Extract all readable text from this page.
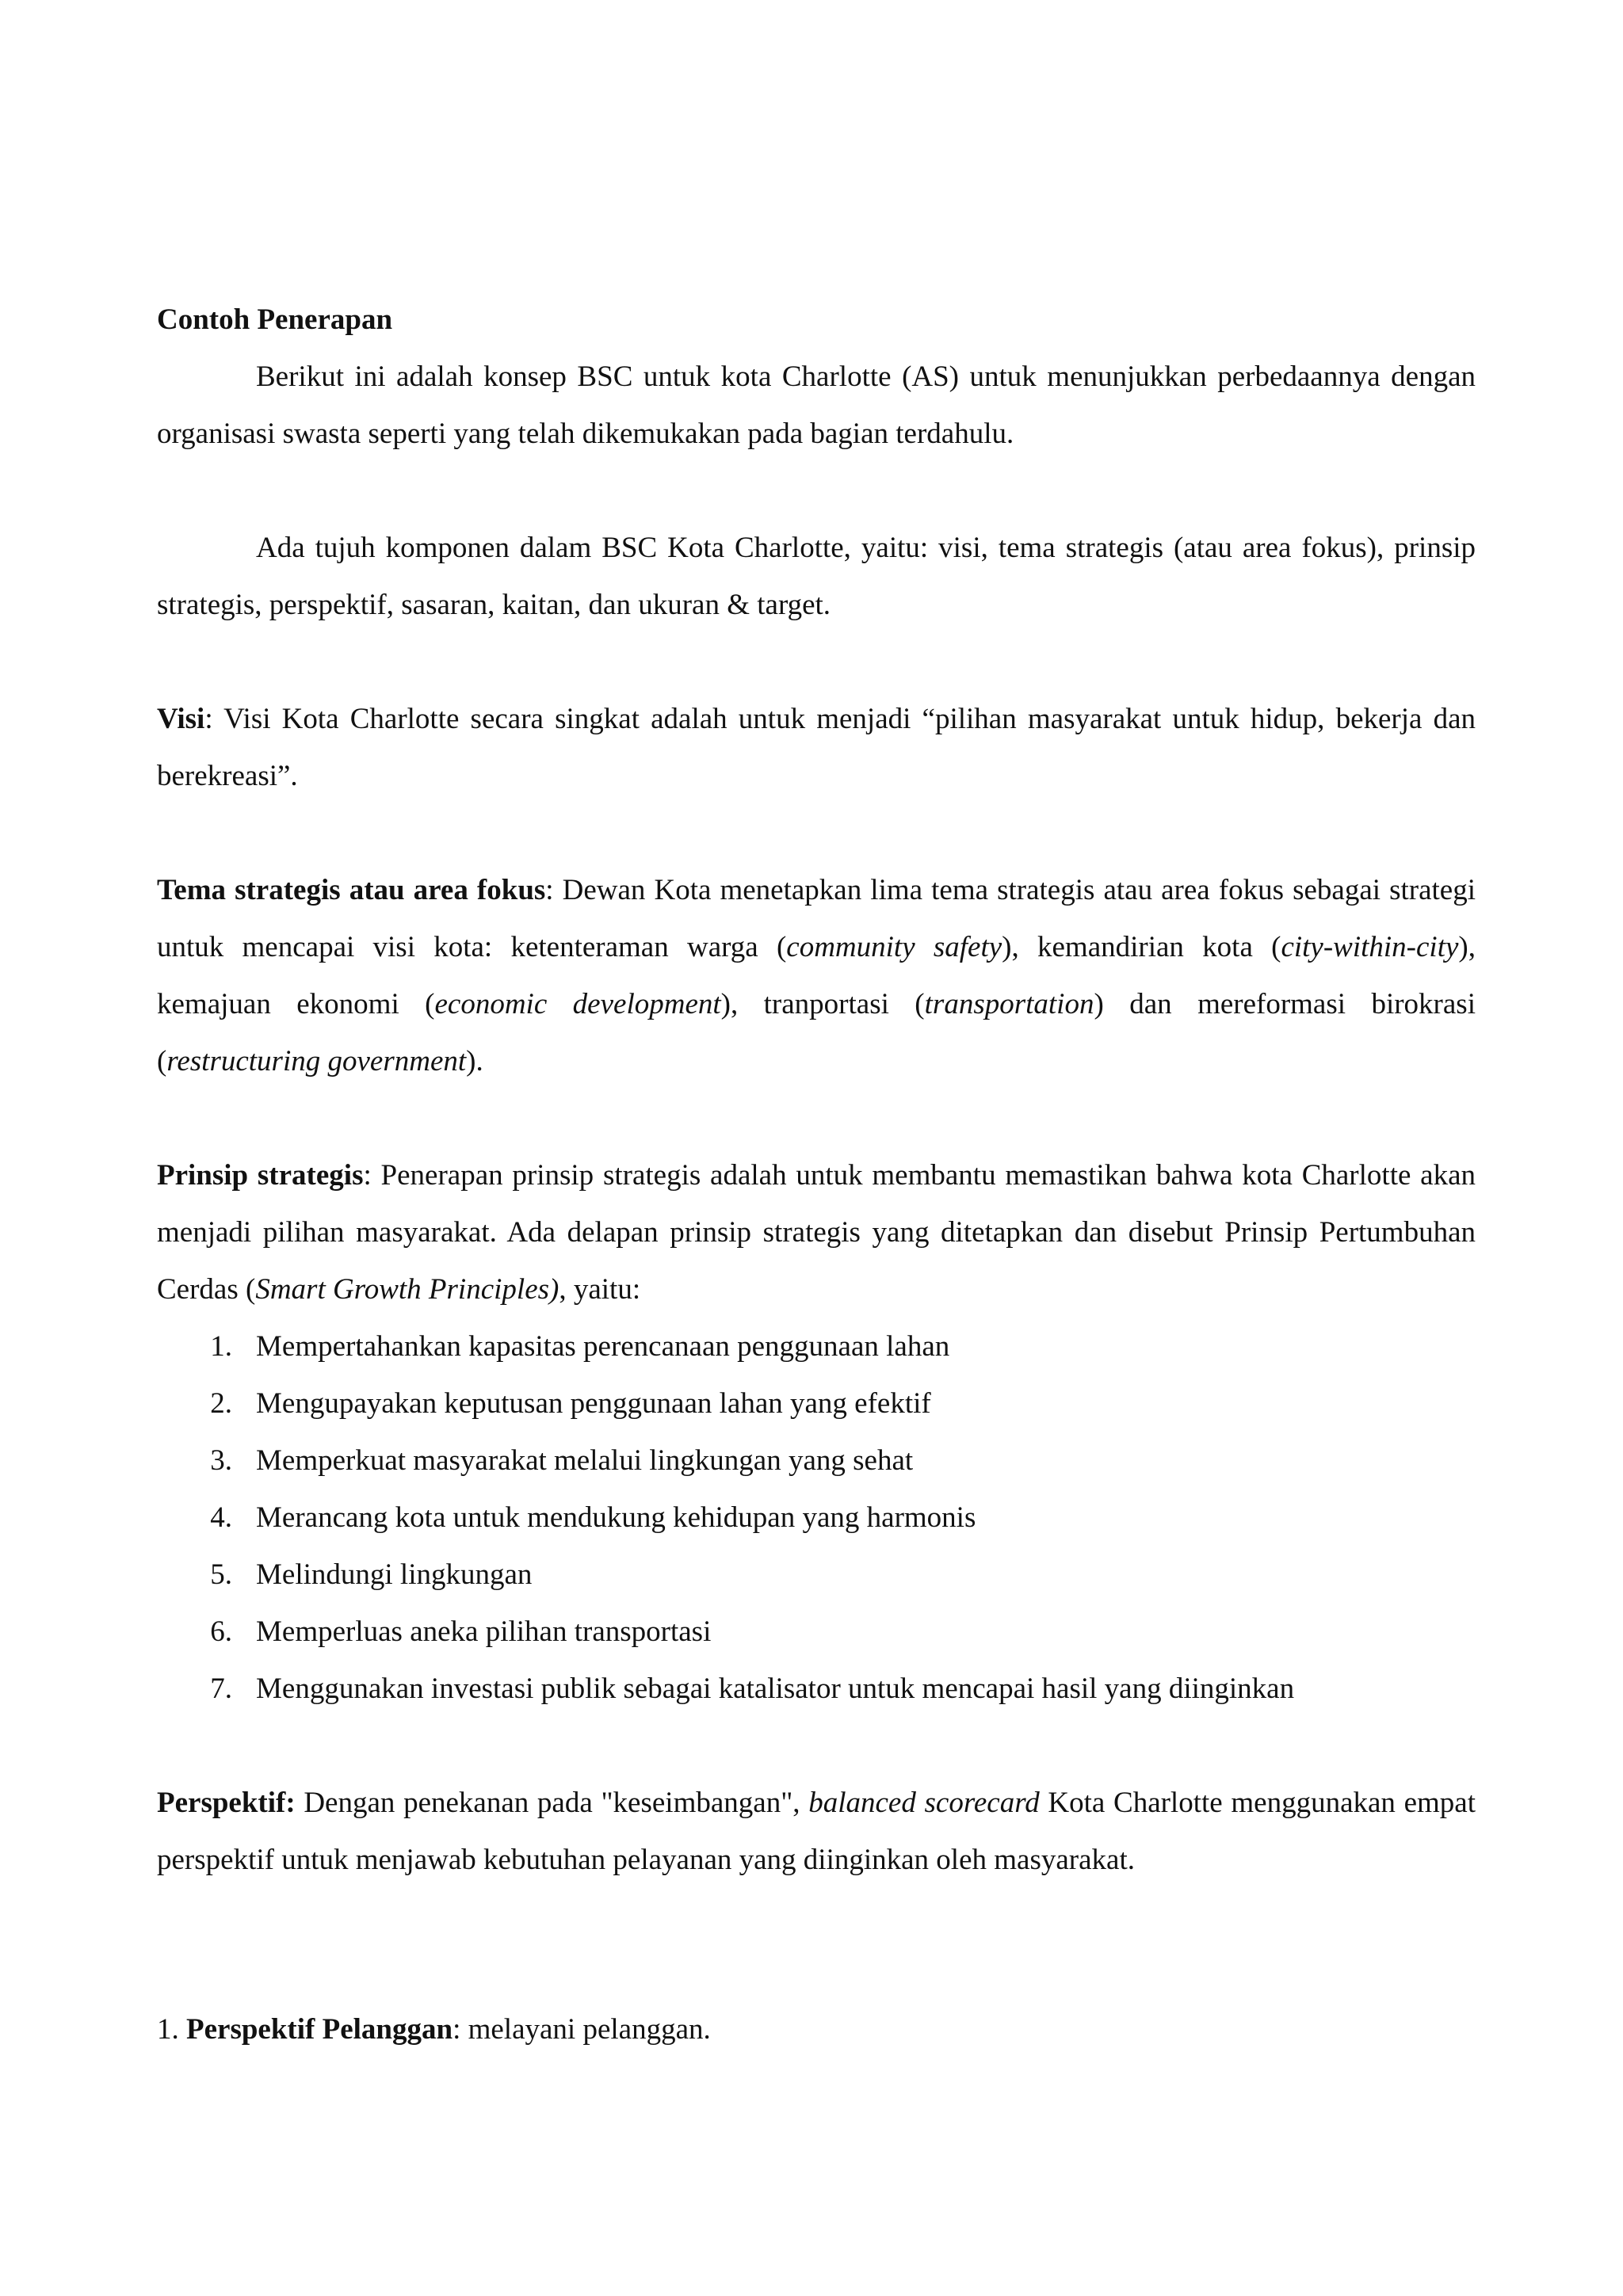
Contoh Penerapan

Berikut ini adalah konsep BSC untuk kota Charlotte (AS) untuk menunjukkan perbedaannya dengan organisasi swasta seperti yang telah dikemukakan pada bagian terdahulu.

Ada tujuh komponen dalam BSC Kota Charlotte, yaitu: visi, tema strategis (atau area fokus), prinsip strategis, perspektif, sasaran, kaitan, dan ukuran & target.

Visi: Visi Kota Charlotte secara singkat adalah untuk menjadi “pilihan masyarakat untuk hidup, bekerja dan berekreasi”.

Tema strategis atau area fokus: Dewan Kota menetapkan lima tema strategis atau area fokus sebagai strategi untuk mencapai visi kota: ketenteraman warga (community safety), kemandirian kota (city-within-city), kemajuan ekonomi (economic development), tranportasi (transportation) dan mereformasi birokrasi (restructuring government).

Prinsip strategis: Penerapan prinsip strategis adalah untuk membantu memastikan bahwa kota Charlotte akan menjadi pilihan masyarakat. Ada delapan prinsip strategis yang ditetapkan dan disebut Prinsip Pertumbuhan Cerdas (Smart Growth Principles), yaitu:

1. Mempertahankan kapasitas perencanaan penggunaan lahan
2. Mengupayakan keputusan penggunaan lahan yang efektif
3. Memperkuat masyarakat melalui lingkungan yang sehat
4. Merancang kota untuk mendukung kehidupan yang harmonis
5. Melindungi lingkungan
6. Memperluas aneka pilihan transportasi
7. Menggunakan investasi publik sebagai katalisator untuk mencapai hasil yang diinginkan

Perspektif: Dengan penekanan pada "keseimbangan", balanced scorecard Kota Charlotte menggunakan empat perspektif untuk menjawab kebutuhan pelayanan yang diinginkan oleh masyarakat.

1. Perspektif Pelanggan: melayani pelanggan.
